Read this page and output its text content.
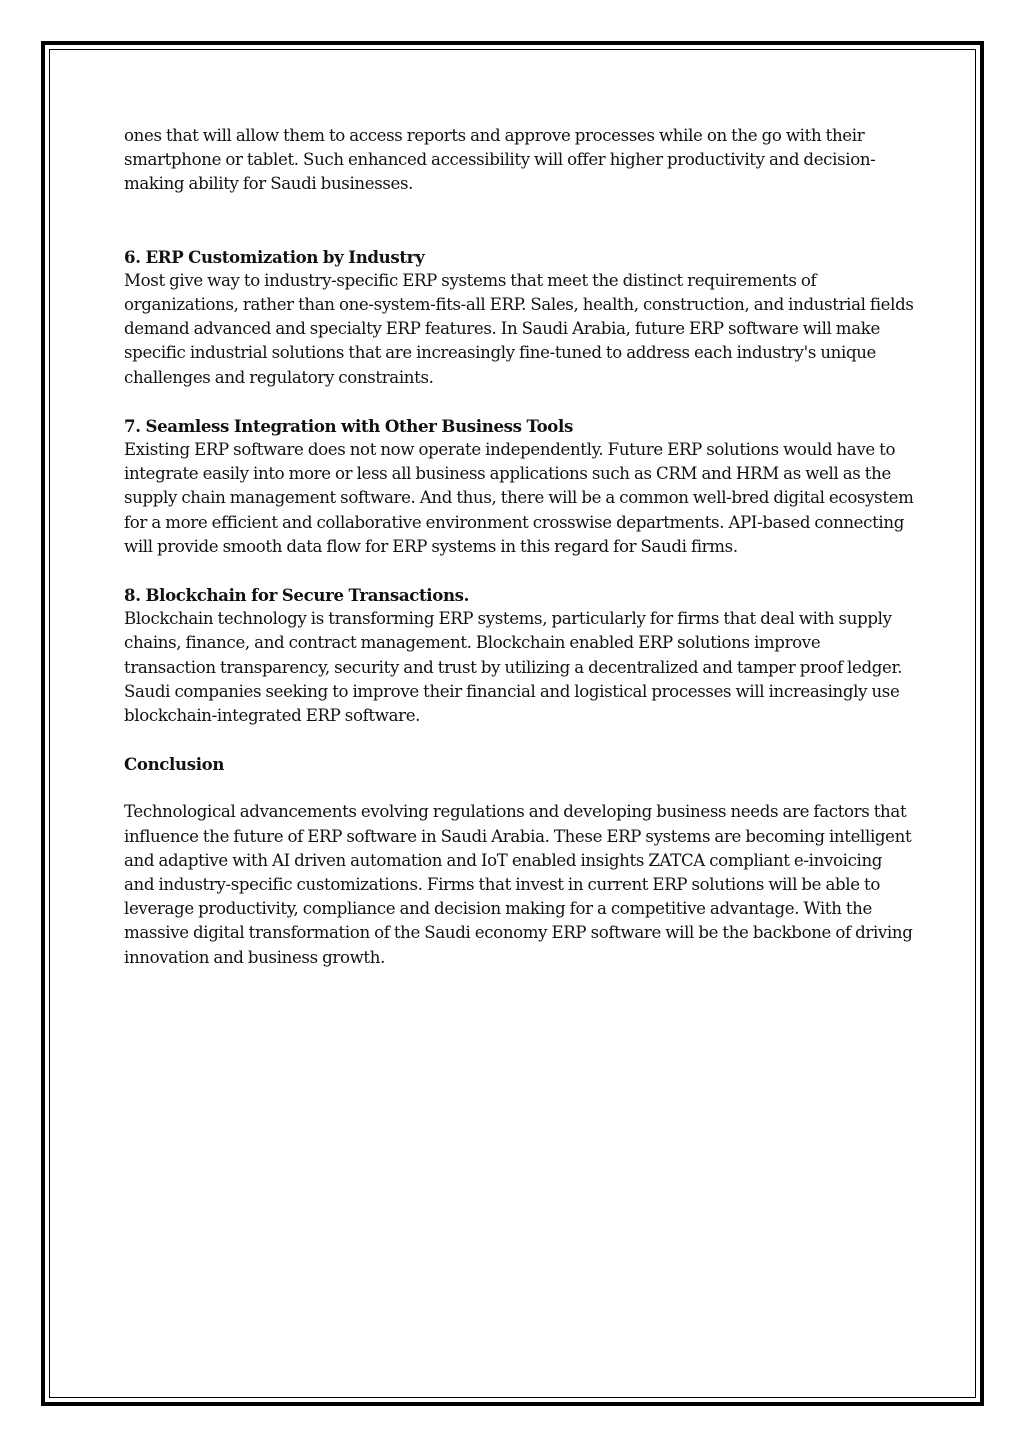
ones that will allow them to access reports and approve processes while on the go with their smartphone or tablet. Such enhanced accessibility will offer higher productivity and decision-making ability for Saudi businesses.

6. ERP Customization by Industry

Most give way to industry-specific ERP systems that meet the distinct requirements of organizations, rather than one-system-fits-all ERP. Sales, health, construction, and industrial fields demand advanced and specialty ERP features. In Saudi Arabia, future ERP software will make specific industrial solutions that are increasingly fine-tuned to address each industry's unique challenges and regulatory constraints.

7. Seamless Integration with Other Business Tools

Existing ERP software does not now operate independently. Future ERP solutions would have to integrate easily into more or less all business applications such as CRM and HRM as well as the supply chain management software. And thus, there will be a common well-bred digital ecosystem for a more efficient and collaborative environment crosswise departments. API-based connecting will provide smooth data flow for ERP systems in this regard for Saudi firms.

8. Blockchain for Secure Transactions.

Blockchain technology is transforming ERP systems, particularly for firms that deal with supply chains, finance, and contract management. Blockchain enabled ERP solutions improve transaction transparency, security and trust by utilizing a decentralized and tamper proof ledger. Saudi companies seeking to improve their financial and logistical processes will increasingly use blockchain-integrated ERP software.

Conclusion

Technological advancements evolving regulations and developing business needs are factors that influence the future of ERP software in Saudi Arabia. These ERP systems are becoming intelligent and adaptive with AI driven automation and IoT enabled insights ZATCA compliant e-invoicing and industry-specific customizations. Firms that invest in current ERP solutions will be able to leverage productivity, compliance and decision making for a competitive advantage. With the massive digital transformation of the Saudi economy ERP software will be the backbone of driving innovation and business growth.
